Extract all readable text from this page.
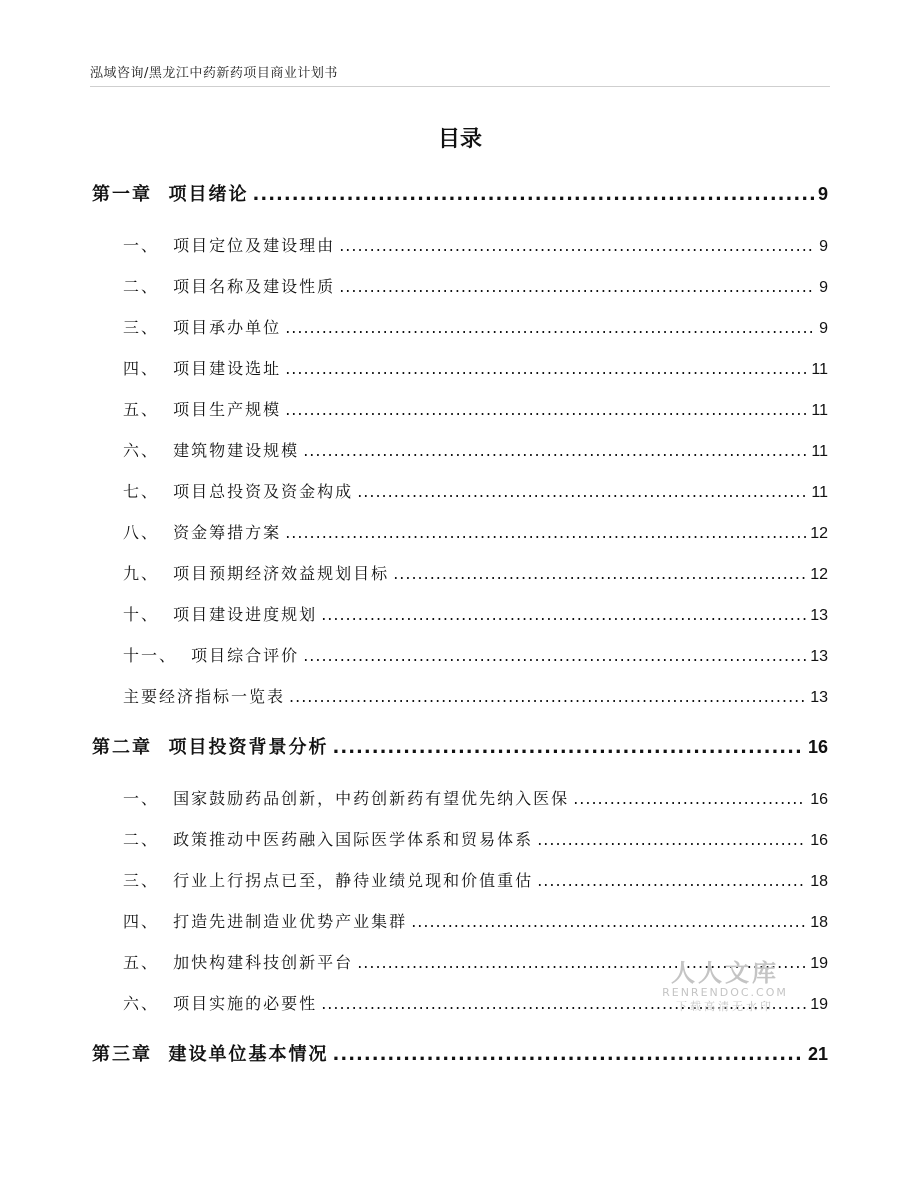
泓域咨询/黑龙江中药新药项目商业计划书
目录
第一章  项目绪论 .....	9
一、  项目定位及建设理由 .....	9
二、  项目名称及建设性质 .....	9
三、  项目承办单位 .....	9
四、  项目建设选址 .....	11
五、  项目生产规模 .....	11
六、  建筑物建设规模 .....	11
七、  项目总投资及资金构成 .....	11
八、  资金筹措方案 .....	12
九、  项目预期经济效益规划目标 .....	12
十、  项目建设进度规划 .....	13
十一、  项目综合评价 .....	13
主要经济指标一览表 .....	13
第二章  项目投资背景分析 .....	16
一、  国家鼓励药品创新，中药创新药有望优先纳入医保 .....	16
二、  政策推动中医药融入国际医学体系和贸易体系 .....	16
三、  行业上行拐点已至，静待业绩兑现和价值重估 .....	18
四、  打造先进制造业优势产业集群 .....	18
五、  加快构建科技创新平台 .....	19
六、  项目实施的必要性 .....	19
第三章  建设单位基本情况 .....	21
人人文库
RENRENDOC.COM
下载高清无水印
